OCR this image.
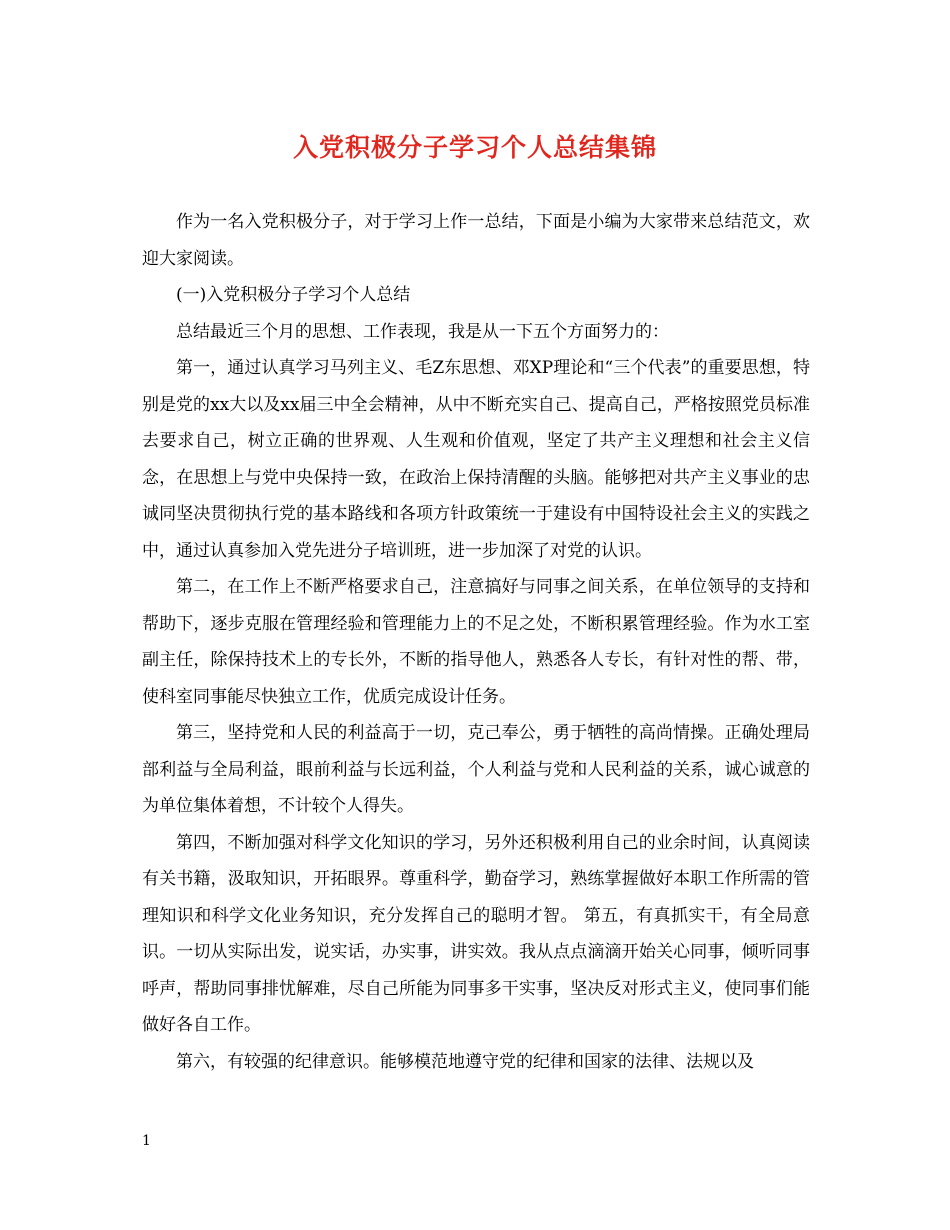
入党积极分子学习个人总结集锦

作为一名入党积极分子，对于学习上作一总结，下面是小编为大家带来总结范文，欢迎大家阅读。

(一)入党积极分子学习个人总结

总结最近三个月的思想、工作表现，我是从一下五个方面努力的：

第一，通过认真学习马列主义、毛Z东思想、邓XP理论和“三个代表”的重要思想，特别是党的xx大以及xx届三中全会精神，从中不断充实自己、提高自己，严格按照党员标准去要求自己，树立正确的世界观、人生观和价值观，坚定了共产主义理想和社会主义信念，在思想上与党中央保持一致，在政治上保持清醒的头脑。能够把对共产主义事业的忠诚同坚决贯彻执行党的基本路线和各项方针政策统一于建设有中国特设社会主义的实践之中，通过认真参加入党先进分子培训班，进一步加深了对党的认识。

第二，在工作上不断严格要求自己，注意搞好与同事之间关系，在单位领导的支持和帮助下，逐步克服在管理经验和管理能力上的不足之处，不断积累管理经验。作为水工室副主任，除保持技术上的专长外，不断的指导他人，熟悉各人专长，有针对性的帮、带，使科室同事能尽快独立工作，优质完成设计任务。

第三，坚持党和人民的利益高于一切，克己奉公，勇于牺牲的高尚情操。正确处理局部利益与全局利益，眼前利益与长远利益，个人利益与党和人民利益的关系，诚心诚意的为单位集体着想，不计较个人得失。

第四，不断加强对科学文化知识的学习，另外还积极利用自己的业余时间，认真阅读有关书籍，汲取知识，开拓眼界。尊重科学，勤奋学习，熟练掌握做好本职工作所需的管理知识和科学文化业务知识，充分发挥自己的聪明才智。 第五，有真抓实干，有全局意识。一切从实际出发，说实话，办实事，讲实效。我从点点滴滴开始关心同事，倾听同事呼声，帮助同事排忧解难，尽自己所能为同事多干实事，坚决反对形式主义，使同事们能做好各自工作。

第六，有较强的纪律意识。能够模范地遵守党的纪律和国家的法律、法规以及

1
